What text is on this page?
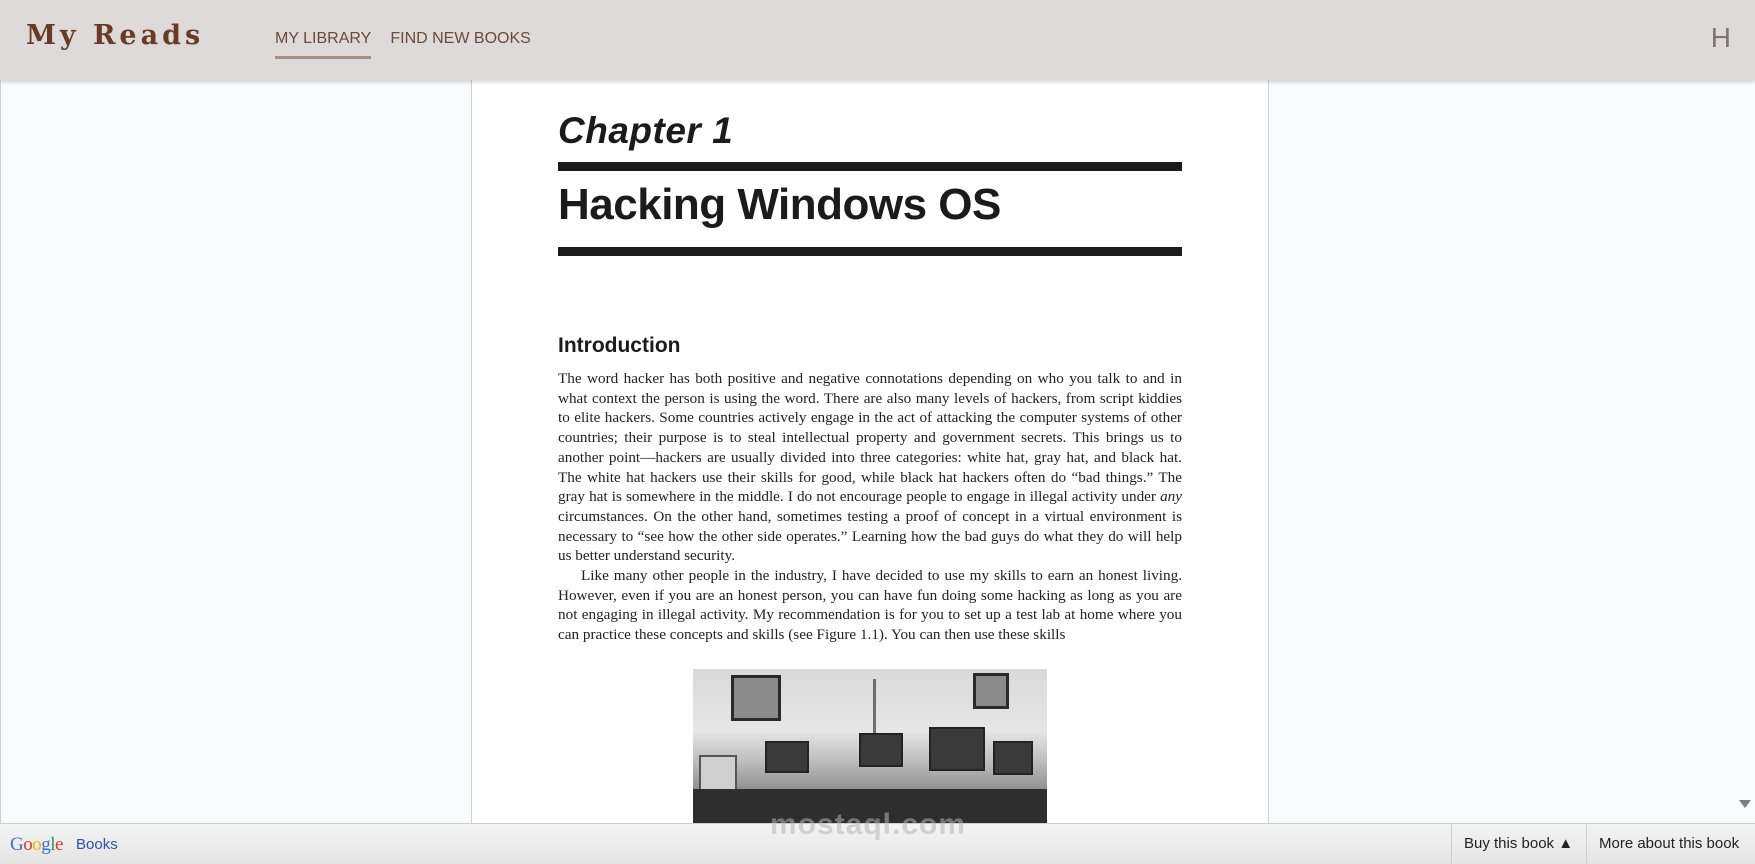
My Reads	MY LIBRARY FIND NEW BOOKS	H
Chapter 1
Hacking Windows OS
Introduction

The word hacker has both positive and negative connotations depending on who you talk to and in what context the person is using the word. There are also many levels of hackers, from script kiddies to elite hackers. Some countries actively engage in the act of attacking the computer systems of other countries; their purpose is to steal intellectual property and government secrets. This brings us to another point—hackers are usually divided into three categories: white hat, gray hat, and black hat. The white hat hackers use their skills for good, while black hat hackers often do “bad things.” The gray hat is somewhere in the middle. I do not encourage people to engage in illegal activity under any circumstances. On the other hand, sometimes testing a proof of concept in a virtual environment is necessary to “see how the other side operates.” Learning how the bad guys do what they do will help us better understand security.

Like many other people in the industry, I have decided to use my skills to earn an honest living. However, even if you are an honest person, you can have fun doing some hacking as long as you are not engaging in illegal activity. My recommendation is for you to set up a test lab at home where you can practice these concepts and skills (see Figure 1.1). You can then use these skills

mostaql.com
Google Books	Buy this book ▲	More about this book
